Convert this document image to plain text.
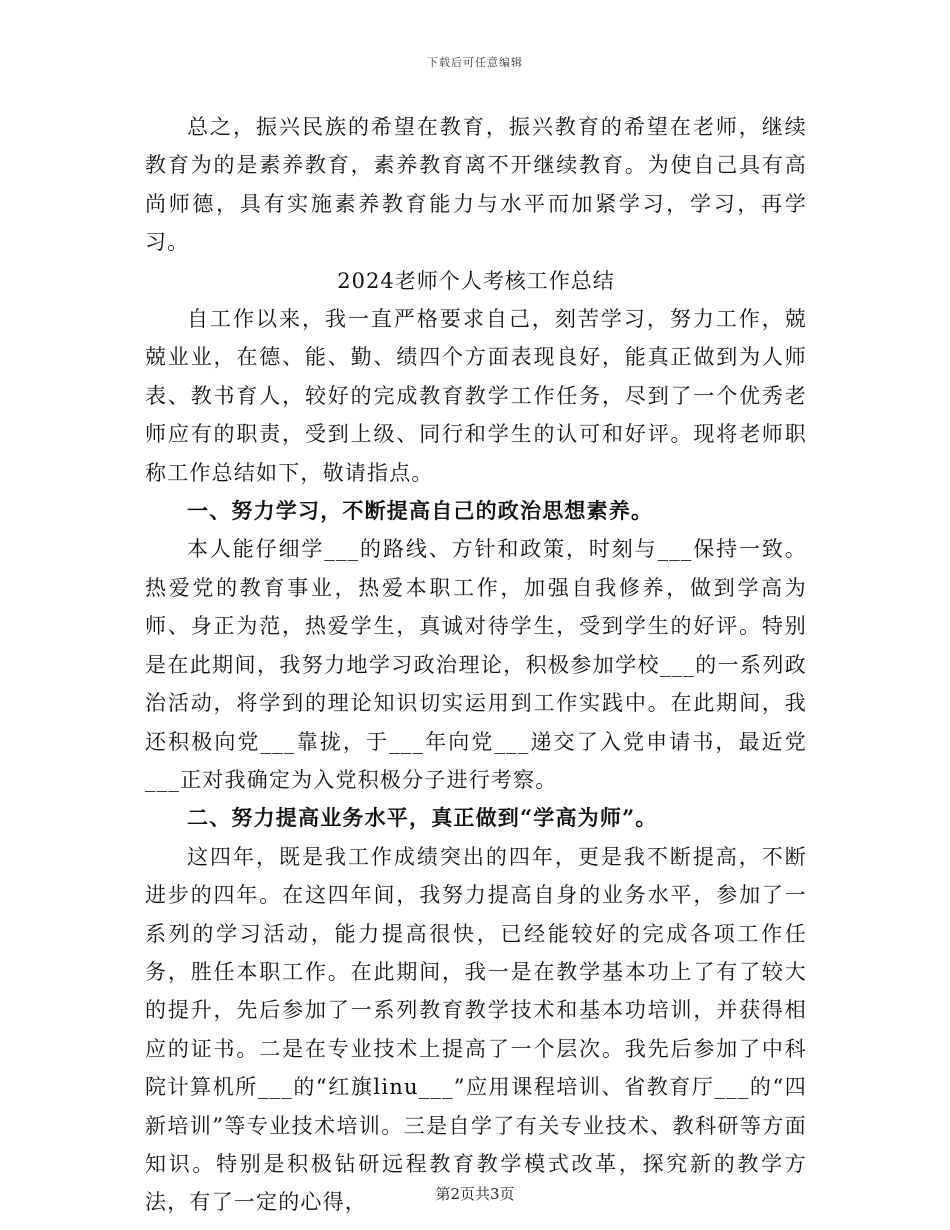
下载后可任意编辑

总之，振兴民族的希望在教育，振兴教育的希望在老师，继续教育为的是素养教育，素养教育离不开继续教育。为使自己具有高尚师德，具有实施素养教育能力与水平而加紧学习，学习，再学习。

2024老师个人考核工作总结

自工作以来，我一直严格要求自己，刻苦学习，努力工作，兢兢业业，在德、能、勤、绩四个方面表现良好，能真正做到为人师表、教书育人，较好的完成教育教学工作任务，尽到了一个优秀老师应有的职责，受到上级、同行和学生的认可和好评。现将老师职称工作总结如下，敬请指点。

一、努力学习，不断提高自己的政治思想素养。

本人能仔细学___的路线、方针和政策，时刻与___保持一致。热爱党的教育事业，热爱本职工作，加强自我修养，做到学高为师、身正为范，热爱学生，真诚对待学生，受到学生的好评。特别是在此期间，我努力地学习政治理论，积极参加学校___的一系列政治活动，将学到的理论知识切实运用到工作实践中。在此期间，我还积极向党___靠拢，于___年向党___递交了入党申请书，最近党___正对我确定为入党积极分子进行考察。

二、努力提高业务水平，真正做到“学高为师”。

这四年，既是我工作成绩突出的四年，更是我不断提高，不断进步的四年。在这四年间，我努力提高自身的业务水平，参加了一系列的学习活动，能力提高很快，已经能较好的完成各项工作任务，胜任本职工作。在此期间，我一是在教学基本功上了有了较大的提升，先后参加了一系列教育教学技术和基本功培训，并获得相应的证书。二是在专业技术上提高了一个层次。我先后参加了中科院计算机所___的“红旗linu___”应用课程培训、省教育厅___的“四新培训”等专业技术培训。三是自学了有关专业技术、教科研等方面知识。特别是积极钻研远程教育教学模式改革，探究新的教学方法，有了一定的心得，	第2页共3页
